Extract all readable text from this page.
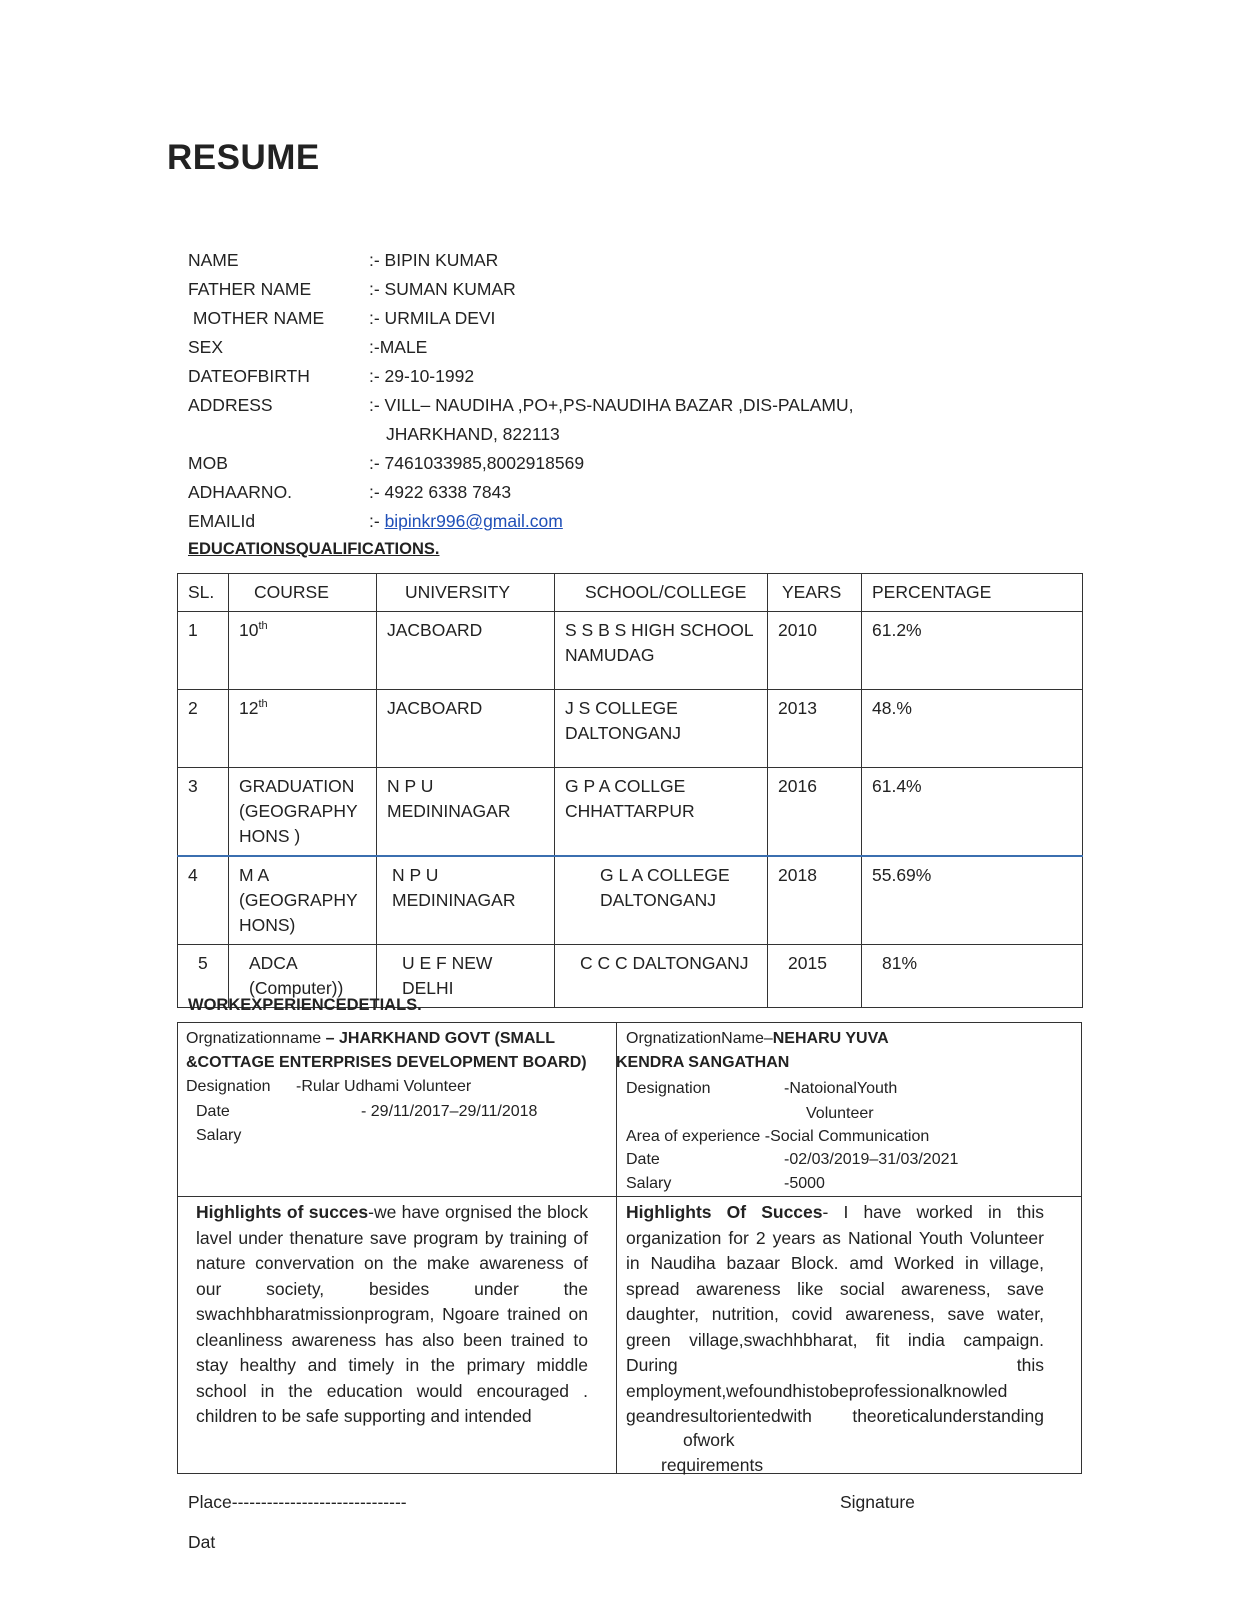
RESUME
NAME	:- BIPIN KUMAR
FATHER NAME	:- SUMAN KUMAR
MOTHER NAME	:- URMILA DEVI
SEX	:-MALE
DATEOFBIRTH	:- 29-10-1992
ADDRESS	:- VILL– NAUDIHA ,PO+,PS-NAUDIHA BAZAR ,DIS-PALAMU,
JHARKHAND, 822113
MOB	:- 7461033985,8002918569
ADHAARNO.	:- 4922 6338 7843
EMAILId	:- bipinkr996@gmail.com
EDUCATIONSQUALIFICATIONS.
SL.	COURSE	UNIVERSITY	SCHOOL/COLLEGE	YEARS	PERCENTAGE
1	10th	JACBOARD	S S B S HIGH SCHOOL NAMUDAG	2010	61.2%
2	12th	JACBOARD	J S COLLEGE DALTONGANJ	2013	48.%
3	GRADUATION (GEOGRAPHY HONS )	N P U MEDININAGAR	G P A COLLGE CHHATTARPUR	2016	61.4%
4	M A (GEOGRAPHY HONS)	N P U MEDININAGAR	G L A COLLEGE DALTONGANJ	2018	55.69%
5	ADCA (Computer))	U E F NEW DELHI	C C C DALTONGANJ	2015	81%
WORKEXPERIENCEDETIALS.
Orgnatizationname – JHARKHAND GOVT (SMALL
&COTTAGE ENTERPRISES DEVELOPMENT BOARD)
Designation -Rular Udhami Volunteer
Date	- 29/11/2017–29/11/2018
Salary
Highlights of succes-we have orgnised the block lavel under thenature save program by training of nature convervation on the make awareness of our society, besides under the swachhbharatmissionprogram, Ngoare trained on cleanliness awareness has also been trained to stay healthy and timely in the primary middle school in the education would encouraged . children to be safe supporting and intended
OrgnatizationName–NEHARU YUVA
KENDRA SANGATHAN
Designation	-NatoionalYouth
Volunteer
Area of experience -Social Communication
Date	-02/03/2019–31/03/2021
Salary	-5000
Highlights Of Succes- I have worked in this organization for 2 years as National Youth Volunteer in Naudiha bazaar Block. amd Worked in village, spread awareness like social awareness, save daughter, nutrition, covid awareness, save water, green village,swachhbharat, fit india campaign. During this employment,wefoundhistobeprofessionalknowled geandresultorientedwith theoreticalunderstanding
ofwork
requirements
Place------------------------------	Signature
Dat
